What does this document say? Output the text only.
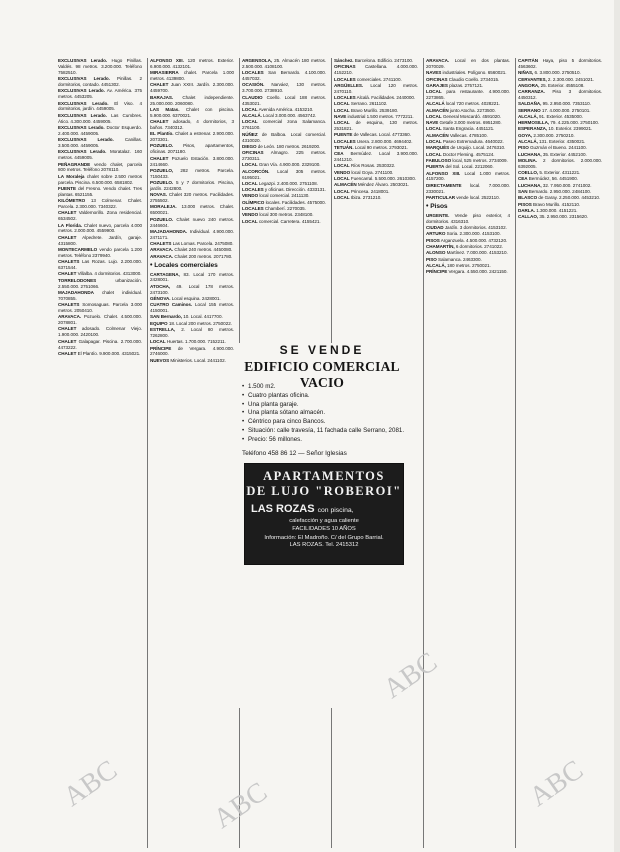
EXCLUSIVAS Lerado. Hugo Pinillas. Valdés. 98 metros. 3.200.000. Teléfono 7582510.

EXCLUSIVAS Lerado. Pinillas. 2 dormitorios, contado. 4451302.

EXCLUSIVAS Lerado. Av. América. 375 metros. 4453205.

EXCLUSIVAS Lerado. El Viso. 4 dormitorios, jardín. 4459005.

EXCLUSIVAS Lerado. Las Cumbres. Ático. 4.300.000. 4459005.

EXCLUSIVAS Lerado. Doctor Esquerdo. 2.400.000. 4459005.

EXCLUSIVAS Lerado. Canillas. 3.500.000. 4459005.

EXCLUSIVAS Lerado. Moratalaz. 160 metros. 4459005.

PEÑAGRANDE vendo chalet, parcela 800 metros. Teléfono 2078110.

LA Moraleja chalet sobre 2.500 metros parcela. Piscina. 6.500.000. 6581802.

FUENTE del Fresno. Vendo chalet. Tres plantas. 6521155.

KILÓMETRO 13 Colmenar. Chalet. Parcela. 2.300.000. 7340322.

CHALET Valdemorillo. Zona residencial. 6534502.

LA Florida. Chalet nuevo, parcela 4.000 metros. 2.000.000. 4559900.

CHALET Alpedrete. Jardín, garaje. 4315800.

MONTECARMELO vendo parcela 1.200 metros. Teléfono 2379940.

CHALETS Las Rozas. Lujo. 2.200.000. 6371544.

CHALET Villalba. 4 dormitorios. 4313000.

TORRELODONES	urbanización. 2.550.000. 2751066.

MAJADAHONDA chalet individual. 7070855.

CHALETS Somosaguas. Parcela 3.000 metros. 2050410.

ARAVACA. Pozuelo. Chalet. 4.500.000. 2078801.

CHALET adosado. Colmenar Viejo. 1.900.000. 2420100.

CHALET Galapagar. Piscina. 2.700.000. 4473222.

CHALET El Plantío. 9.900.000. 4315021.

ALFONSO XIII. 120 metros. Exterior. 6.900.000. 4132101.

MIRASIERRA chalet. Parcela 1.000 metros. 4139800.

CHALET Juan XXIII. Jardín. 2.300.000. 4459700.

BARAJAS. Chalet independiente. 25.000.000. 2060080.

LAS Matas. Chalet con piscina. 5.900.000. 6370021.

CHALET adosado, 4 dormitorios, 3 baños. 7340312.

EL Plantío. Chalet a estrenar. 2.900.000. 2073301.

POZUELO. Pisos, apartamentos, oficinas. 2071180.

CHALET Pozuelo Estación. 3.800.000. 2414660.

POZUELO, 282 metros. Parcela. 7150433.

POZUELO. 5 y 7 dormitorios. Piscina, jardín. 2242800.

NOVAS. Chalet 320 metros. Facilidades. 2755502.

MORALEJA. 13.000 metros. Chalet. 6500021.

POZUELO. Chalet nuevo 240 metros. 2446604.

MAJADAHONDA. Individual. 4.900.000. 2471171.

CHALETS Las Lomas. Parcela. 2475080.

ARAVACA. Chalet 240 metros. 4450080.

ARAVACA. Chalet 200 metros. 2071780.

• Locales comerciales

CARTAGENA, 83. Local 170 metros. 2428001.

ATOCHA, 49. Local 178 metros. 2473100.

GÉNOVA. Local esquina. 2428001.

CUATRO Caminos. Local 155 metros. 4150001.

SAN Bernardo, 10. Local. 4417700.

EQUIPO 18. Local 200 metros. 2750022.

ESTRELLA, 2. Local 80 metros. 7262800.

LOCAL Huertas. 1.700.000. 7152211.

PRÍNCIPE de Vergara. 4.900.000. 2746000.

NUEVOS Ministerios. Local. 2441102.

ARGENSOLA, 25. Almacén 180 metros. 2.500.000. 4108100.

LOCALES San Bernardo. 4.100.000. 4457032.

OCASIÓN. Narváez, 130 metros. 3.700.000. 2738910.

CLAUDIO Coello. Local 188 metros. 4353021.

LOCAL Avenida América. 4153210.

ALCALÁ. Local 3.000.000. 4563742.

LOCAL comercial zona Salamanca. 2761100.

NÚÑEZ de Balboa. Local comercial. 4310020.

DIEGO de León. 180 metros. 2619200.

OFICINAS Almagro. 225 metros. 2730311.

LOCAL Gran Vía. 4.900.000. 2329100.

ALCORCÓN. Local 305 metros. 6195021.

LOCAL Legazpi. 2.400.000. 2751108.

LOCALES y oficinas. Dirección. 4333131.

VENDO local comercial. 2411130.

OLÍMPICO locales. Facilidades. 4575000.

LOCALES Chamberí. 2270035.

VENDO local 300 metros. 2348100.

LOCAL comercial. Carretera. 4155421.

Sánchez. Barcelona. Edificio. 2473100.

OFICINAS Castellana. 4.000.000. 4152210.

LOCALES comerciales. 2741100.

ARGÜELLES. Local 120 metros. 2470110.

LOCALES Alcalá. Facilidades. 2440000.

LOCAL Serrano. 2611102.

LOCAL Bravo Murillo. 2539180.

NAVE industrial 1.500 metros. 7772211.

LOCAL de esquina, 130 metros. 2531821.

PUENTE de Vallecas. Local. 4773360.

LOCALES Usera. 2.800.000. 4694402.

TETUÁN. Local 90 metros. 2793021.

CEA Bermúdez. Local 3.900.000. 2441210.

LOCAL Ríos Rosas. 2530322.

VENDO local Goya. 2741100.

LOCAL Fuencarral. 5.500.000. 2610300.

ALMACÉN Méndez Álvaro. 2503021.

LOCAL Princesa. 2418001.

LOCAL Ibiza. 2731210.

ARAVACA. Local en dos plantas. 2070029.

NAVES industriales. Polígono. 6560021.

OFICINAS Claudio Coello. 2734015.

GARAJES plazas. 2757121.

LOCAL para restaurante. 4.900.000. 2273865.

ALCALÁ local 720 metros. 4028221.

ALMACÉN junto Atocha. 2273500.

LOCAL General Moscardó. 4591020.

NAVE Getafe 3.000 metros. 6951280.

LOCAL Santa Engracia. 4451121.

ALMACÉN Vallecas. 4785100.

LOCAL Paseo Extremadura. 4640022.

MARQUÉS de Urquijo. Local. 2476310.

LOCAL Doctor Fleming. 4575124.

FABULOSO local, 525 metros. 2734009.

PUERTA del Sol. Local. 2212060.

ALFONSO XIII. Local 1.000 metros. 4157200.

DIRECTAMENTE local. 7.000.000. 2330021.

PARTICULAR vende local. 2522110.

• Pisos

URGENTE. Vende piso exterior, 4 dormitorios. 4316310.

CIUDAD Jardín. 3 dormitorios. 4153102.

ARTURO Soria. 2.300.000. 4153100.

PISOS Arganzuela. 4.500.000. 4732120.

CHAMARTÍN, 6 dormitorios. 2741022.

ALONSO Martínez. 7.000.000. 4153210.

PISO Salamanca. 2463300.

ALCALÁ, 180 metros. 2750021.

PRÍNCIPE Vergara. 4.550.000. 2421150.

CAPITÁN Haya, piso 5 dormitorios. 4563602.

NIÑAS, 6. 3.800.000. 2750510.

CERVANTES, 2. 2.300.000. 2451021.

ANGORA, 25. Exterior. 4555108.

CARRANZA. Piso 3 dormitorios. 4450312.

SALDAÑA, 95. 2.950.000. 7353110.

SERRANO 17. 4.000.000. 2750101.

ALCALÁ, 91. Exterior. 4535000.

HERMOSILLA, 79. 4.225.000. 2750100.

ESPERANZA, 10. Exterior. 2399021.

GOYA, 2.300.000. 2750210.

ALCALÁ, 131. Exterior. 4350021.

PISO Guzmán el Bueno. 2441100.

LUCHANA, 35. Exterior. 4452100.

MOLINA. 2 dormitorios. 2.000.000. 6392005.

COELLO, 5. Exterior. 4311221.

CEA Bermúdez, 56. 4451900.

LUCHANA, 32. 7.950.000. 2741002.

SAN Bernardo. 2.950.000. 2484100.

BLASCO de Garay. 2.250.000. 4453210.

PISOS Bravo Murillo. 4152110.

DARLA. 1.300.000. 4151221.

CALLAO, 35. 2.950.000. 2315620.

SE VENDE
EDIFICIO COMERCIAL VACIO
• 1.500 m2.
• Cuatro plantas oficina.
• Una planta garaje.
• Una planta sótano almacén.
• Céntrico para cinco Bancos.
• Situación: calle travesía, 11 fachada calle Serrano, 2081.
• Precio: 56 millones.
Teléfono 458 86 12 — Señor Iglesias
APARTAMENTOS
DE LUJO "ROBEROI"
LAS ROZAS con piscina,
calefacción y agua caliente
FACILIDADES 10 AÑOS
Información: El Madroño. C/ del Grupo Barrial.
LAS ROZAS. Tel. 2415312
ABC	ABC
ABC
ABC
